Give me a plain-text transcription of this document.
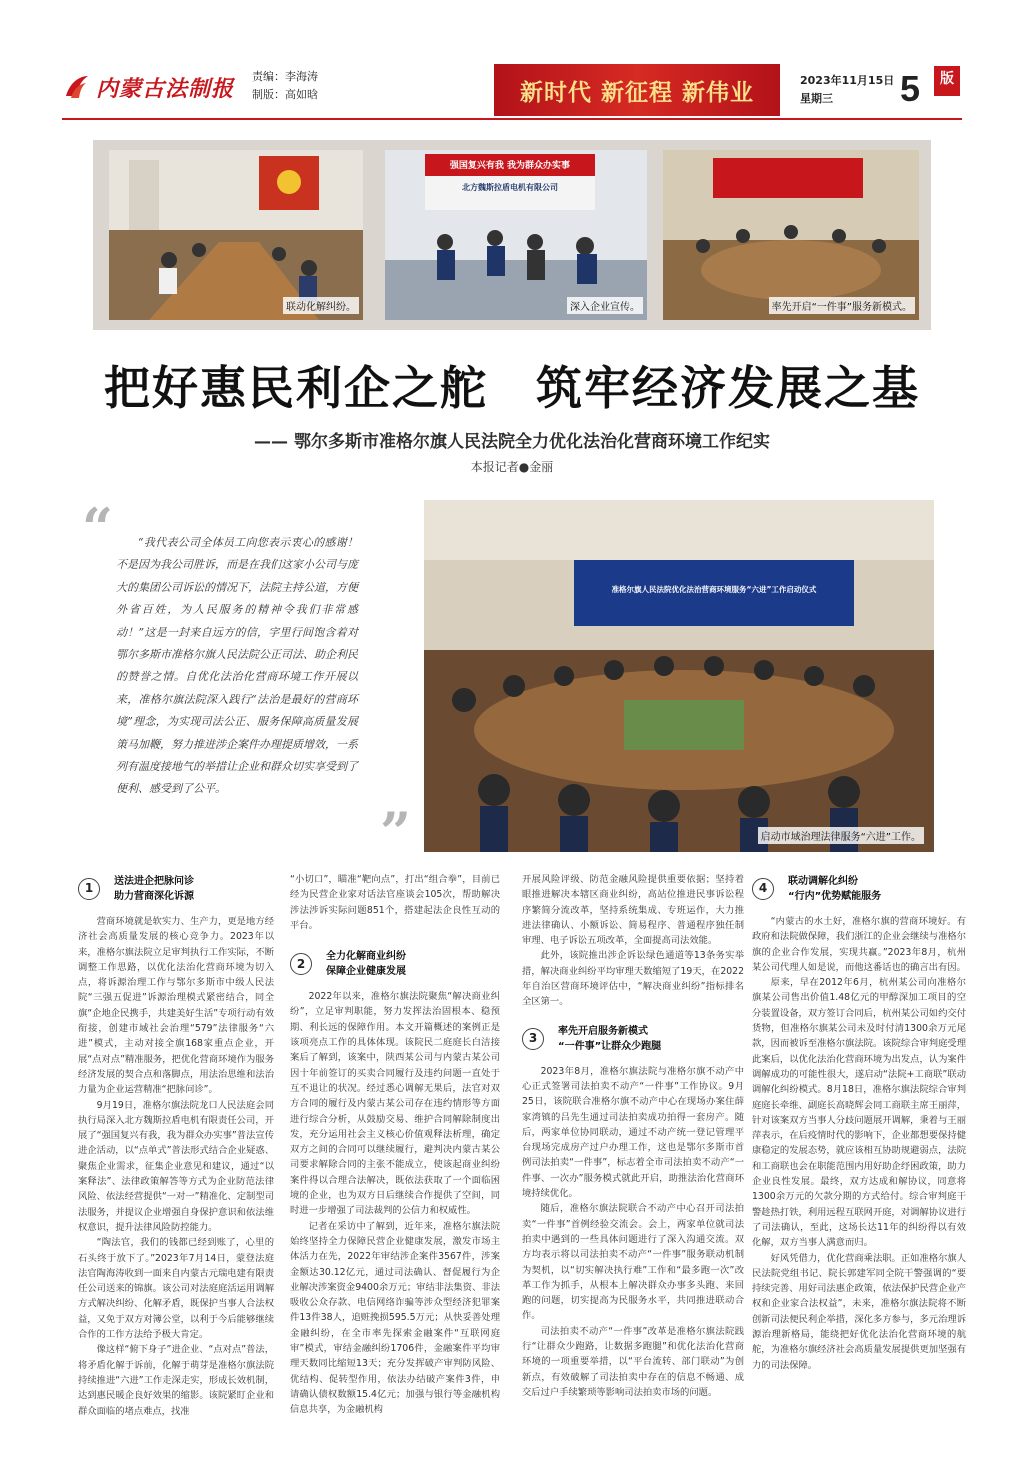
内蒙古法制报 责编：李海涛
制版：高如晗	新时代 新征程 新伟业	2023年11月15日
星期三	5	版
联动化解纠纷。
强国复兴有我 我为群众办实事
北方魏斯拉盾电机有限公司
深入企业宣传。	率先开启“一件事”服务新模式。
把好惠民利企之舵　筑牢经济发展之基
—— 鄂尔多斯市准格尔旗人民法院全力优化法治化营商环境工作纪实
本报记者●金丽
“	“我代表公司全体员工向您表示衷心的感谢！不是因为我公司胜诉，而是在我们这家小公司与庞大的集团公司诉讼的情况下，法院主持公道，方便外省百姓，为人民服务的精神令我们非常感动！”这是一封来自远方的信，字里行间饱含着对鄂尔多斯市准格尔旗人民法院公正司法、助企利民的赞誉之情。自优化法治化营商环境工作开展以来，准格尔旗法院深入践行“法治是最好的营商环境”理念，为实现司法公正、服务保障高质量发展策马加鞭，努力推进涉企案件办理提质增效，一系列有温度接地气的举措让企业和群众切实享受到了便利、感受到了公平。
”
准格尔旗人民法院优化法治营商环境服务“六进”工作启动仪式
启动市域治理法律服务“六进”工作。
1	送法进企把脉问诊
助力营商深化诉源

营商环境就是软实力、生产力，更是地方经济社会高质量发展的核心竞争力。2023年以来，准格尔旗法院立足审判执行工作实际，不断调整工作思路，以优化法治化营商环境为切入点，将诉源治理工作与鄂尔多斯市中级人民法院“三强五促进”诉源治理模式紧密结合，同全旗“企地企民携手，共建美好生活”专项行动有效衔接，创建市域社会治理“579”法律服务“六进”模式，主动对接全旗168家重点企业，开展“点对点”精准服务，把优化营商环境作为服务经济发展的契合点和落脚点，用法治思维和法治力量为企业运营精准“把脉问诊”。

9月19日，准格尔旗法院龙口人民法庭会同执行局深入北方魏斯拉盾电机有限责任公司，开展了“强国复兴有我，我为群众办实事”普法宣传进企活动，以“点单式”普法形式结合企业疑惑、聚焦企业需求，征集企业意见和建议，通过“以案释法”、法律政策解答等方式为企业防范法律风险、依法经营提供“一对一”精准化、定制型司法服务，并提议企业增强自身保护意识和依法维权意识，提升法律风险防控能力。

“陶法官，我们的钱都已经到账了，心里的石头终于放下了。”2023年7月14日，蒙登法庭法官陶海涛收到一面来自内蒙古元瑞电建有限责任公司送来的锦旗。该公司对法庭庭活运用调解方式解决纠纷、化解矛盾，既保护当事人合法权益，又免于双方对簿公堂，以利于今后能够继续合作的工作方法给予极大肯定。

像这样“俯下身子”进企业、“点对点”普法，将矛盾化解于诉前，化解于萌芽是准格尔旗法院持续推进“六进”工作走深走实，形成长效机制，达到惠民暖企良好效果的缩影。该院紧盯企业和群众面临的堵点难点，找准

“小切口”，瞄准“靶向点”，打出“组合拳”，目前已经为民营企业家对话法官座谈会105次，帮助解决涉法涉诉实际问题851个，搭建起法企良性互动的平台。

2	全力化解商业纠纷
保障企业健康发展

2022年以来，准格尔旗法院聚焦“解决商业纠纷”，立足审判职能，努力发挥法治固根本、稳预期、利长远的保障作用。本文开篇概述的案例正是该项亮点工作的具体体现。该院民二庭庭长白洁接案后了解到，该案中，陕西某公司与内蒙古某公司因十年前签订的买卖合同履行及违约问题一直处于互不退让的状况。经过悉心调解无果后，法官对双方合同的履行及内蒙古某公司存在违约情形等方面进行综合分析，从鼓励交易、维护合同解除制度出发，充分运用社会主义核心价值观释法析理，确定双方之间的合同可以继续履行，避判决内蒙古某公司要求解除合同的主张不能成立，使该起商业纠纷案件得以合理合法解决，既依法获取了一个面临困境的企业，也为双方日后继续合作提供了空间，同时进一步增强了司法裁判的公信力和权威性。

记者在采访中了解到，近年来，准格尔旗法院始终坚持全力保障民营企业健康发展，激发市场主体活力在先，2022年审结涉企案件3567件，涉案金额达30.12亿元，通过司法确认、督促履行为企业解决涉案资金9400余万元；审结非法集资、非法吸收公众存款、电信网络诈骗等涉众型经济犯罪案件13件38人，追赃挽损595.5万元；从快妥善处理金融纠纷，在全市率先探索金融案件“互联网庭审”模式，审结金融纠纷1706件，金融案件平均审理天数同比缩短13天；充分发挥破产审判防风险、优结构、促转型作用，依法办结破产案件3件，申请确认债权数额15.4亿元；加强与银行等金融机构信息共享，为金融机构

开展风险评级、防范金融风险提供重要依据；坚持着眼推进解决本辖区商业纠纷，高站位推进民事诉讼程序繁简分流改革，坚持系统集成、专班运作，大力推进法律确认、小额诉讼、简易程序、普通程序独任制审理、电子诉讼五项改革，全面提高司法效能。

此外，该院推出涉企诉讼绿色通道等13条务实举措，解决商业纠纷平均审理天数缩短了19天，在2022年自治区营商环境评估中，“解决商业纠纷”指标排名全区第一。

3	率先开启服务新模式
“一件事”让群众少跑腿

2023年8月，准格尔旗法院与准格尔旗不动产中心正式签署司法拍卖不动产“一件事”工作协议。9月25日，该院联合准格尔旗不动产中心在现场办案住薛家湾镇的吕先生通过司法拍卖成功拍得一套房产。随后，两家单位协同联动，通过不动产统一登记管理平台现场完成房产过户办理工作，这也是鄂尔多斯市首例司法拍卖“一件事”，标志着全市司法拍卖不动产“一件事、一次办”服务模式就此开启，助推法治化营商环境持续优化。

随后，准格尔旗法院联合不动产中心召开司法拍卖“一件事”首例经验交流会。会上，两家单位就司法拍卖中遇到的一些具体问题进行了深入沟通交流。双方均表示将以司法拍卖不动产“一件事”服务联动机制为契机，以“切实解决执行难”工作和“最多跑一次”改革工作为抓手，从根本上解决群众办事多头跑、来回跑的问题，切实提高为民服务水平，共同推进联动合作。

司法拍卖不动产“一件事”改革是准格尔旗法院践行“让群众少跑路，让数据多跑腿”和优化法治化营商环境的一项重要举措，以“平台流转、部门联动”为创新点，有效破解了司法拍卖中存在的信息不畅通、成交后过户手续繁琐等影响司法拍卖市场的问题。

4	联动调解化纠纷
“行内”优势赋能服务

“内蒙古的水土好，准格尔旗的营商环境好。有政府和法院做保障，我们浙江的企业会继续与准格尔旗的企业合作发展，实现共赢。”2023年8月，杭州某公司代理人如是说，而他这番话也的确言出有因。

原来，早在2012年6月，杭州某公司向准格尔旗某公司售出价值1.48亿元的甲醇深加工项目的空分装置设备，双方签订合同后，杭州某公司如约交付货物，但准格尔旗某公司未及时付清1300余万元尾款，因而被诉至准格尔旗法院。该院综合审判庭受理此案后，以优化法治化营商环境为出发点，认为案件调解成功的可能性很大，遂启动“法院+工商联”联动调解化纠纷模式。8月18日，准格尔旗法院综合审判庭庭长牵维、副庭长高晓辉会同工商联主席王丽萍，针对该案双方当事人分歧问题展开调解，秉着与王丽萍表示，在后疫情时代的影响下，企业都想要保持健康稳定的发展态势，就应该相互协助规避弱点，法院和工商联也会在职能范围内用好助企纾困政策，助力企业良性发展。最终，双方达成和解协议，同意将1300余万元的欠款分期的方式给付。综合审判庭干警趁热打铁，利用远程互联网开庭，对调解协议进行了司法确认，至此，这场长达11年的纠纷得以有效化解，双方当事人满意而归。

好风凭借力，优化营商乘法职。正如准格尔旗人民法院党组书记、院长郭建军同全院干警强调的“要持续完善、用好司法惠企政策，依法保护民营企业产权和企业家合法权益”，未来，准格尔旗法院将不断创新司法便民利企举措，深化多方参与，多元治理诉源治理新格局，能绕把好优化法治化营商环境的航舵，为准格尔旗经济社会高质量发展提供更加坚强有力的司法保障。
